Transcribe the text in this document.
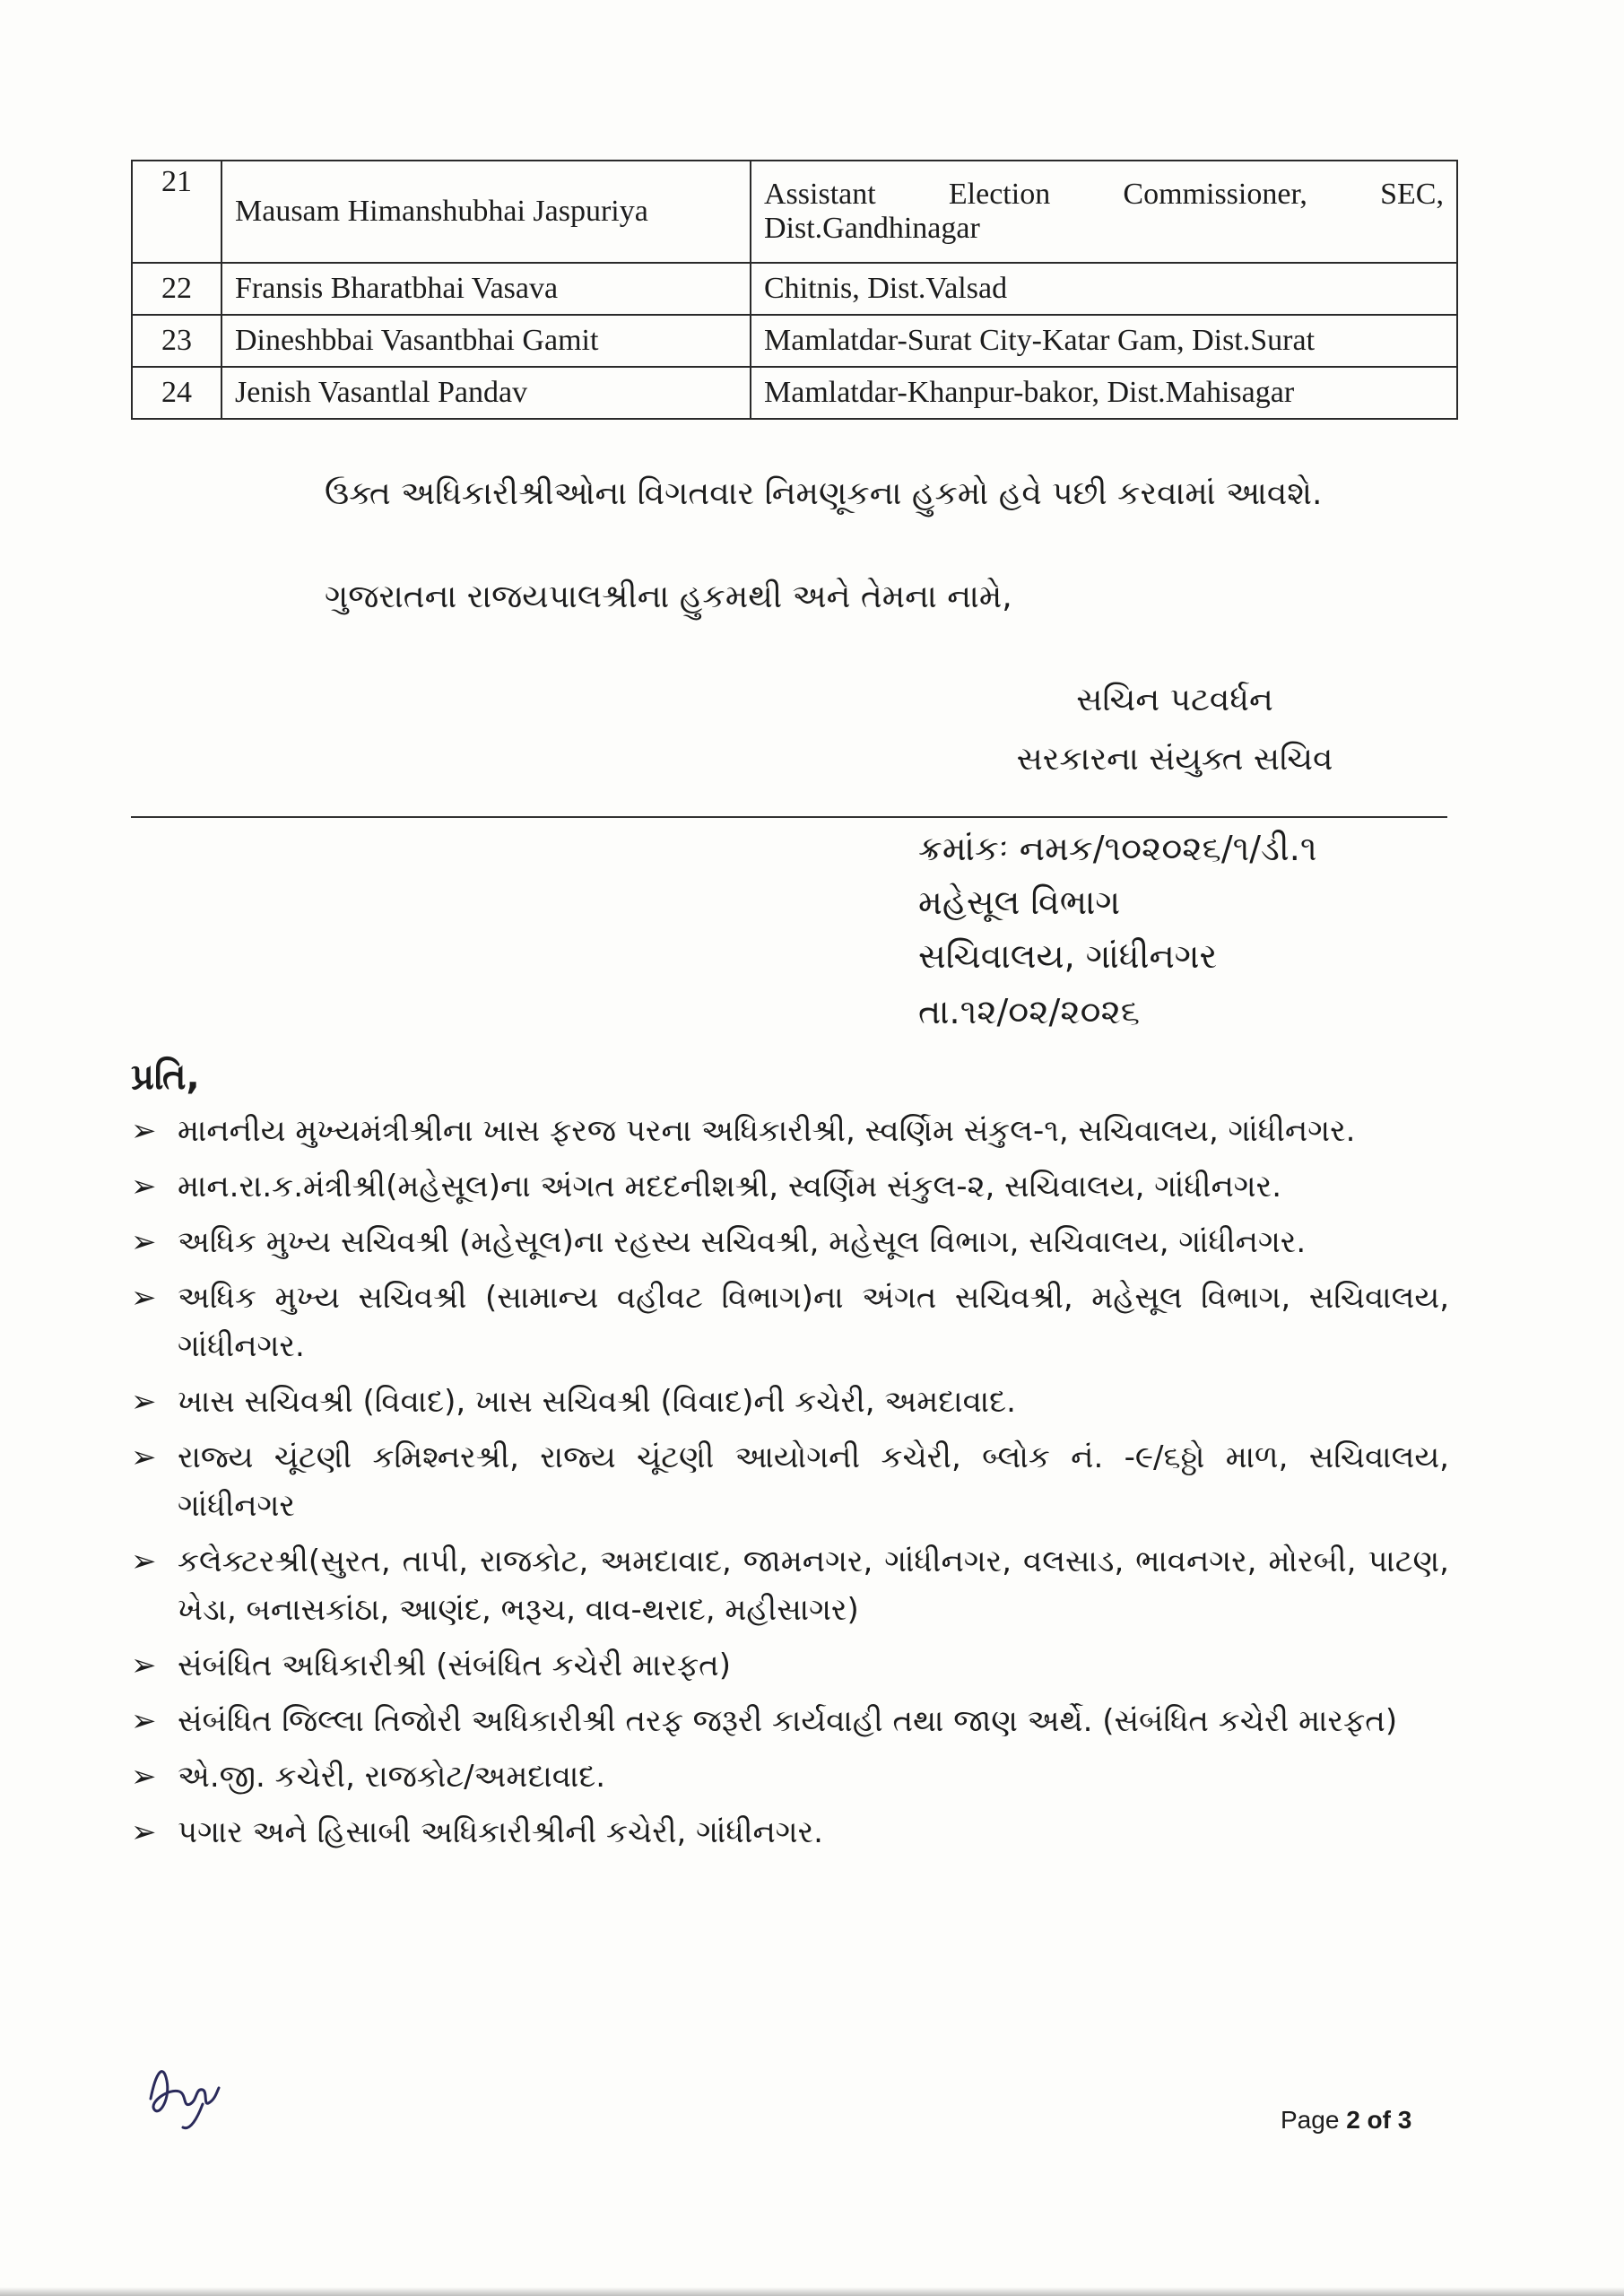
21	Mausam Himanshubhai Jaspuriya	Assistant Election Commissioner, SEC,
Dist.Gandhinagar

22	Fransis Bharatbhai Vasava	Chitnis, Dist.Valsad
23	Dineshbbai Vasantbhai Gamit	Mamlatdar-Surat City-Katar Gam, Dist.Surat
24	Jenish Vasantlal Pandav	Mamlatdar-Khanpur-bakor, Dist.Mahisagar
ઉક્ત અધિકારીશ્રીઓના વિગતવાર નિમણૂકના હુકમો હવે પછી કરવામાં આવશે.
ગુજરાતના રાજયપાલશ્રીના હુકમથી અને તેમના નામે,
સચિન પટવર્ધન
સરકારના સંયુક્ત સચિવ
ક્રમાંકઃ નમક/૧૦૨૦૨૬/૧/ડી.૧
મહેસૂલ વિભાગ
સચિવાલય, ગાંધીનગર
તા.૧૨/૦૨/૨૦૨૬
પ્રતિ,
➢ માનનીય મુખ્યમંત્રીશ્રીના ખાસ ફરજ પરના અધિકારીશ્રી, સ્વર્ણિમ સંકુલ-૧, સચિવાલય, ગાંધીનગર.
➢ માન.રા.ક.મંત્રીશ્રી(મહેસૂલ)ના અંગત મદદનીશશ્રી, સ્વર્ણિમ સંકુલ-૨, સચિવાલય, ગાંધીનગર.
➢ અધિક મુખ્ય સચિવશ્રી (મહેસૂલ)ના રહસ્ય સચિવશ્રી, મહેસૂલ વિભાગ, સચિવાલય, ગાંધીનગર.
➢ અધિક મુખ્ય સચિવશ્રી (સામાન્ય વહીવટ વિભાગ)ના અંગત સચિવશ્રી, મહેસૂલ વિભાગ, સચિવાલય, ગાંધીનગર.
➢ ખાસ સચિવશ્રી (વિવાદ), ખાસ સચિવશ્રી (વિવાદ)ની કચેરી, અમદાવાદ.
➢ રાજ્ય ચૂંટણી કમિશ્નરશ્રી, રાજ્ય ચૂંટણી આયોગની કચેરી, બ્લોક નં. -૯/૬ઠ્ઠો માળ, સચિવાલય, ગાંધીનગર
➢ કલેક્ટરશ્રી(સુરત, તાપી, રાજકોટ, અમદાવાદ, જામનગર, ગાંધીનગર, વલસાડ, ભાવનગર, મોરબી, પાટણ, ખેડા, બનાસકાંઠા, આણંદ, ભરૂચ, વાવ-થરાદ, મહીસાગર)
➢ સંબંધિત અધિકારીશ્રી (સંબંધિત કચેરી મારફત)
➢ સંબંધિત જિલ્લા તિજોરી અધિકારીશ્રી તરફ જરૂરી કાર્યવાહી તથા જાણ અર્થે. (સંબંધિત કચેરી મારફત)
➢ એ.જી. કચેરી, રાજકોટ/અમદાવાદ.
➢ પગાર અને હિસાબી અધિકારીશ્રીની કચેરી, ગાંધીનગર.
Page 2 of 3
